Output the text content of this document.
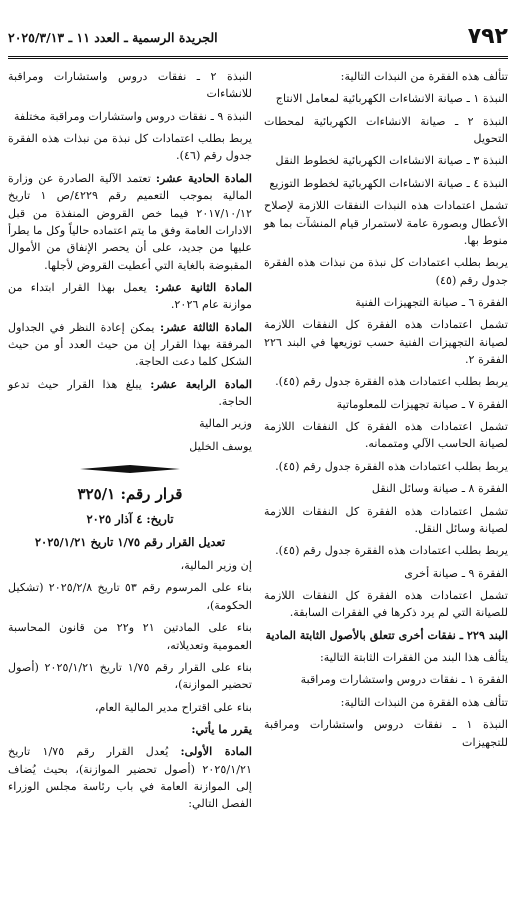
٧٩٢
الجريدة الرسمية ـ العدد ١١ ـ ٢٠٢٥/٣/١٣

تتألف هذه الفقرة من النبذات التالية:

النبذة ١ ـ صيانة الانشاءات الكهربائية لمعامل الانتاج

النبذة ٢ ـ صيانة الانشاءات الكهربائية لمحطات التحويل

النبذة ٣ ـ صيانة الانشاءات الكهربائية لخطوط النقل

النبذة ٤ ـ صيانة الانشاءات الكهربائية لخطوط التوزيع

تشمل اعتمادات هذه النبذات النفقات اللازمة لإصلاح الأعطال وبصورة عامة لاستمرار قيام المنشآت بما هو منوط بها.

يربط بطلب اعتمادات كل نبذة من نبذات هذه الفقرة جدول رقم (٤٥)

الفقرة ٦ ـ صيانة التجهيزات الفنية

تشمل اعتمادات هذه الفقرة كل النفقات اللازمة لصيانة التجهيزات الفنية حسب توزيعها في البند ٢٢٦ الفقرة ٢.

يربط بطلب اعتمادات هذه الفقرة جدول رقم (٤٥).

الفقرة ٧ ـ صيانة تجهيزات للمعلوماتية

تشمل اعتمادات هذه الفقرة كل النفقات اللازمة لصيانة الحاسب الآلي ومتممانه.

يربط بطلب اعتمادات هذه الفقرة جدول رقم (٤٥).

الفقرة ٨ ـ صيانة وسائل النقل

تشمل اعتمادات هذه الفقرة كل النفقات اللازمة لصيانة وسائل النقل.

يربط بطلب اعتمادات هذه الفقرة جدول رقم (٤٥).

الفقرة ٩ ـ صيانة أخرى

تشمل اعتمادات هذه الفقرة كل النفقات اللازمة للصيانة التي لم يرد ذكرها في الفقرات السابقة.

البند ٢٢٩ ـ نفقات أخرى تتعلق بالأصول الثابتة المادية

يتألف هذا البند من الفقرات الثابتة التالية:

الفقرة ١ ـ نفقات دروس واستشارات ومراقبة

تتألف هذه الفقرة من النبذات التالية:

النبذة ١ ـ نفقات دروس واستشارات ومراقبة للتجهيزات

النبذة ٢ ـ نفقات دروس واستشارات ومراقبة للانشاءات

النبذة ٩ ـ نفقات دروس واستشارات ومراقبة مختلفة

يربط بطلب اعتمادات كل نبذة من نبذات هذه الفقرة جدول رقم (٤٦).

المادة الحادية عشر: تعتمد الآلية الصادرة عن وزارة المالية بموجب التعميم رقم ٤٢٢٩/ص ١ تاريخ ٢٠١٧/١٠/١٢ فيما خص القروض المنفذة من قبل الادارات العامة وفق ما يتم اعتماده حالياً وكل ما يطرأ عليها من جديد، على أن يحصر الإنفاق من الأموال المقبوضة بالغاية التي أعطيت القروض لأجلها.

المادة الثانية عشر: يعمل بهذا القرار ابتداء من موازنة عام ٢٠٢٦.

المادة الثالثة عشر: يمكن إعادة النظر في الجداول المرفقة بهذا القرار إن من حيث العدد أو من حيث الشكل كلما دعت الحاجة.

المادة الرابعة عشر: يبلغ هذا القرار حيث تدعو الحاجة.

وزير المالية

يوسف الخليل

قرار رقم: ٣٢٥/١

تاريخ: ٤ آذار ٢٠٢٥

تعديل القرار رقم ١/٧٥ تاريخ ٢٠٢٥/١/٢١

إن وزير المالية،

بناء على المرسوم رقم ٥٣ تاريخ ٢٠٢٥/٢/٨ (تشكيل الحكومة)،

بناء على المادتين ٢١ و٢٢ من قانون المحاسبة العمومية وتعديلاته،

بناء على القرار رقم ١/٧٥ تاريخ ٢٠٢٥/١/٢١ (أصول تحضير الموازنة)،

بناء على اقتراح مدير المالية العام،

يقرر ما يأتي:

المادة الأولى: يُعدل القرار رقم ١/٧٥ تاريخ ٢٠٢٥/١/٢١ (أصول تحضير الموازنة)، بحيث يُضاف إلى الموازنة العامة في باب رئاسة مجلس الوزراء الفصل التالي:
